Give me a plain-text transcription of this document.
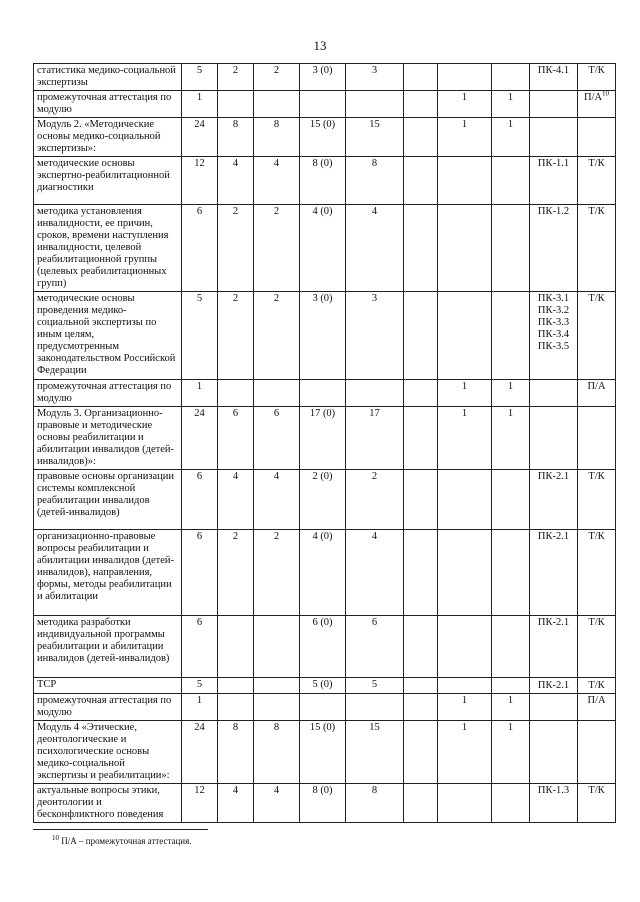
13
статистика медико-социальной экспертизы	5	2	2	3 (0)	3				ПК-4.1	Т/К
промежуточная аттестация по модулю	1						1	1		$П/А^{10}$
Модуль 2. «Методические основы медико-социальной экспертизы»:	24	8	8	15 (0)	15		1	1		
методические основы экспертно-реабилитационной диагностики	12	4	4	8 (0)	8				ПК-1.1	Т/К
методика установления инвалидности, ее причин, сроков, времени наступления инвалидности, целевой реабилитационной группы (целевых реабилитационных групп)	6	2	2	4 (0)	4				ПК-1.2	Т/К
методические основы проведения медико-социальной экспертизы по иным целям, предусмотренным законодательством Российской Федерации	5	2	2	3 (0)	3				ПК-3.1
ПК-3.2
ПК-3.3
ПК-3.4
ПК-3.5	Т/К
промежуточная аттестация по модулю	1						1	1		П/А
Модуль 3. Организационно-правовые и методические основы реабилитации и абилитации инвалидов (детей-инвалидов)»:	24	6	6	17 (0)	17		1	1		
правовые основы организации системы комплексной реабилитации инвалидов (детей-инвалидов)	6	4	4	2 (0)	2				ПК-2.1	Т/К
организационно-правовые вопросы реабилитации и абилитации инвалидов (детей-инвалидов), направления, формы, методы реабилитации и абилитации	6	2	2	4 (0)	4				ПК-2.1	Т/К
методика разработки индивидуальной программы реабилитации и абилитации инвалидов (детей-инвалидов)	6			6 (0)	6				ПК-2.1	Т/К
ТСР	5			5 (0)	5				ПК-2.1	Т/К
промежуточная аттестация по модулю	1						1	1		П/А
Модуль 4 «Этические, деонтологические и психологические основы медико-социальной экспертизы и реабилитации»:	24	8	8	15 (0)	15		1	1		
актуальные вопросы этики, деонтологии и бесконфликтного поведения	12	4	4	8 (0)	8				ПК-1.3	Т/К
$^{10}$ П/А – промежуточная аттестация.
